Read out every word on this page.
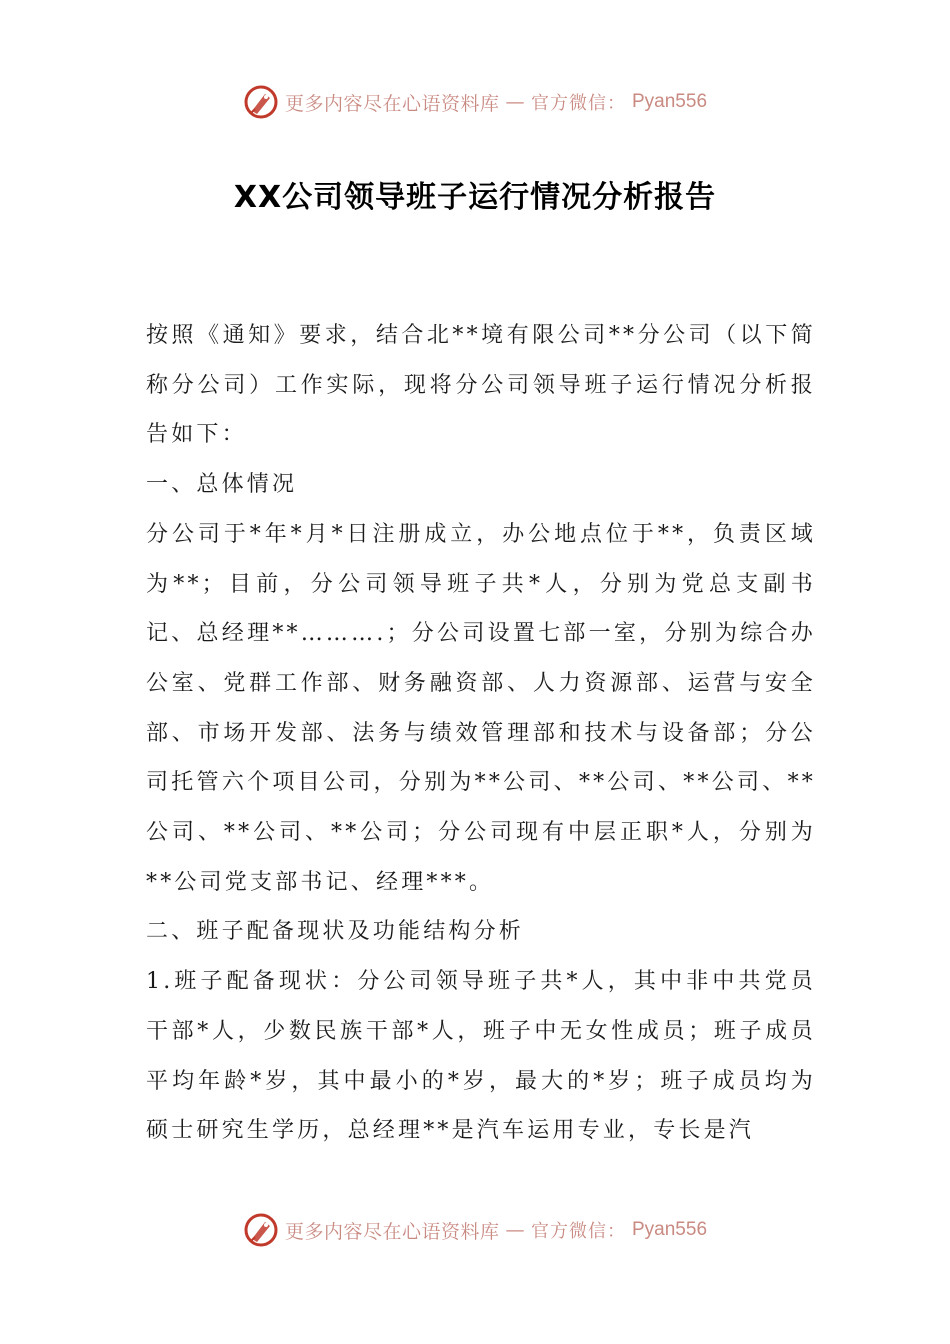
更多内容尽在心语资料库 — 官方微信： Pyan556
XX公司领导班子运行情况分析报告

按照《通知》要求，结合北**境有限公司**分公司（以下简称分公司）工作实际，现将分公司领导班子运行情况分析报告如下：

一、总体情况

分公司于*年*月*日注册成立，办公地点位于**，负责区域为**；目前，分公司领导班子共*人，分别为党总支副书记、总经理**……….；分公司设置七部一室，分别为综合办公室、党群工作部、财务融资部、人力资源部、运营与安全部、市场开发部、法务与绩效管理部和技术与设备部；分公司托管六个项目公司，分别为**公司、**公司、**公司、**公司、**公司、**公司；分公司现有中层正职*人，分别为**公司党支部书记、经理***。

二、班子配备现状及功能结构分析

1.班子配备现状：分公司领导班子共*人，其中非中共党员干部*人，少数民族干部*人，班子中无女性成员；班子成员平均年龄*岁，其中最小的*岁，最大的*岁；班子成员均为硕士研究生学历，总经理**是汽车运用专业，专长是汽

更多内容尽在心语资料库 — 官方微信： Pyan556
